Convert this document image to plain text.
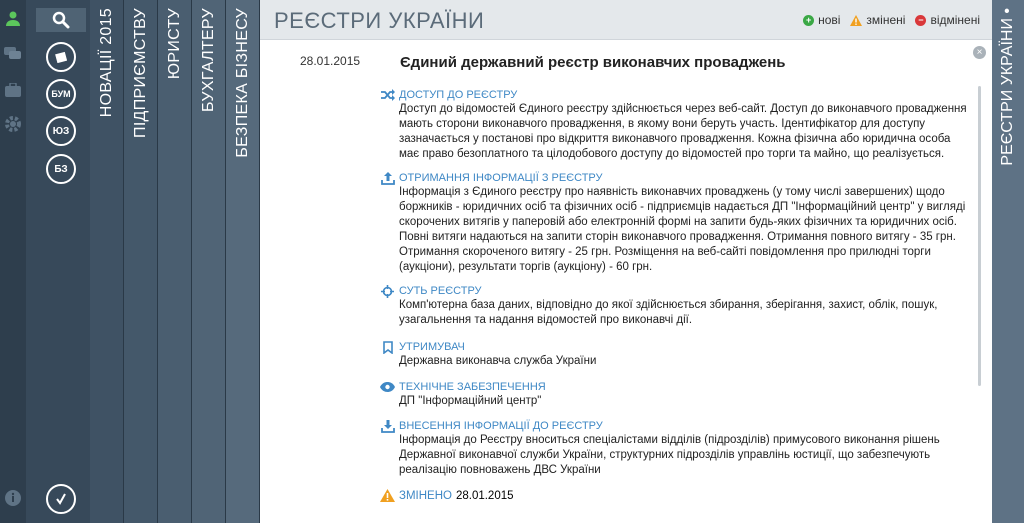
БУМ
ЮЗ
БЗ
НОВАЦІЇ 2015 ПІДПРИЄМСТВУ ЮРИСТУ БУХГАЛТЕРУ БЕЗПЕКА БІЗНЕСУ РЕЄСТРИ УКРАЇНИ	+ нові змінені	− відмінені
×
28.01.2015	Єдиний державний реєстр виконавчих проваджень
ДОСТУП ДО РЕЄСТРУ
Доступ до відомостей Єдиного реєстру здійснюється через веб-сайт. Доступ до виконавчого провадження мають сторони виконавчого провадження, в якому вони беруть участь. Ідентифікатор для доступу зазначається у постанові про відкриття виконавчого провадження. Кожна фізична або юридична особа має право безоплатного та цілодобового доступу до відомостей про торги та майно, що реалізується.
ОТРИМАННЯ ІНФОРМАЦІЇ З РЕЄСТРУ
Інформація з Єдиного реєстру про наявність виконавчих проваджень (у тому числі завершених) щодо боржників - юридичних осіб та фізичних осіб - підприємців надається ДП "Інформаційний центр" у вигляді скорочених витягів у паперовій або електронній формі на запити будь-яких фізичних та юридичних осіб. Повні витяги надаються на запити сторін виконавчого провадження. Отримання повного витягу - 35 грн. Отримання скороченого витягу - 25 грн. Розміщення на веб-сайті повідомлення про прилюдні торги (аукціони), результати торгів (аукціону) - 60 грн.
СУТЬ РЕЄСТРУ
Комп'ютерна база даних, відповідно до якої здійснюється збирання, зберігання, захист, облік, пошук, узагальнення та надання відомостей про виконавчі дії.
УТРИМУВАЧ
Державна виконавча служба України
ТЕХНІЧНЕ ЗАБЕЗПЕЧЕННЯ
ДП "Інформаційний центр"
ВНЕСЕННЯ ІНФОРМАЦІЇ ДО РЕЄСТРУ
Інформація до Реєстру вноситься спеціалістами відділів (підрозділів) примусового виконання рішень Державної виконавчої служби України, структурних підрозділів управлінь юстиції, що забезпечують реалізацію повноважень ДВС України
ЗМІНЕНО 28.01.2015
РЕЄСТРИ УКРАЇНИ •
